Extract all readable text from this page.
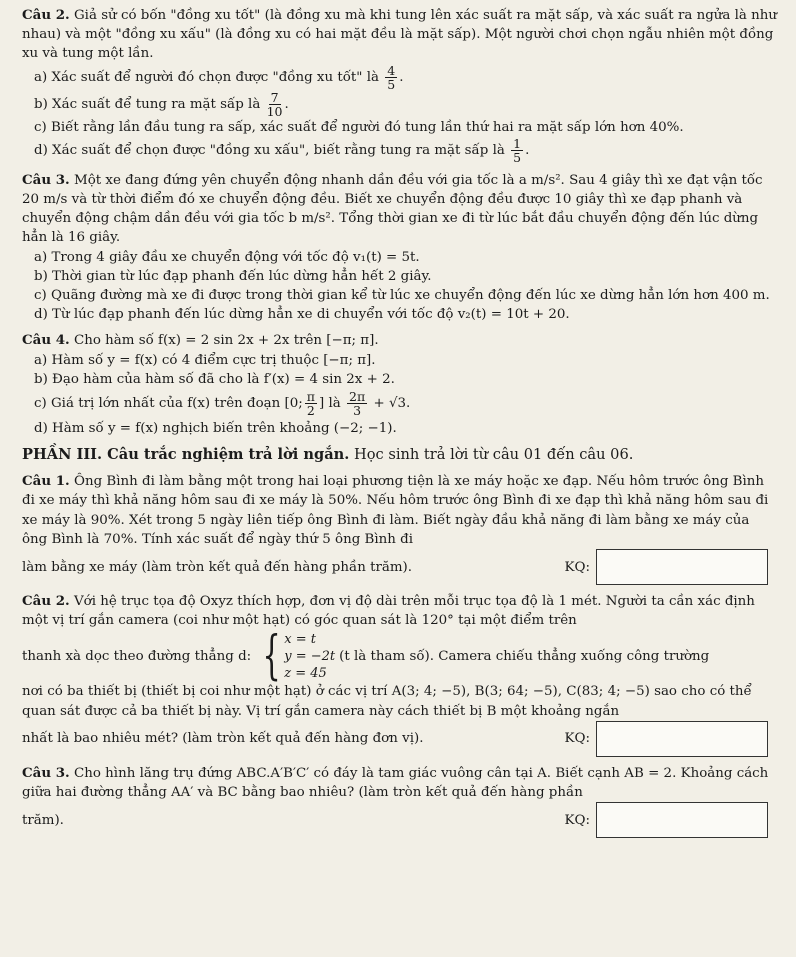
Câu 2. Giả sử có bốn "đồng xu tốt" (là đồng xu mà khi tung lên xác suất ra mặt sấp, và xác suất ra ngửa là như nhau) và một "đồng xu xấu" (là đồng xu có hai mặt đều là mặt sấp). Một người chơi chọn ngẫu nhiên một đồng xu và tung một lần.

a) Xác suất để người đó chọn được "đồng xu tốt" là $\frac{4}{5}$ .

b) Xác suất để tung ra mặt sấp là $\frac{7}{10}$ .

c) Biết rằng lần đầu tung ra sấp, xác suất để người đó tung lần thứ hai ra mặt sấp lớn hơn 40%.

d) Xác suất để chọn được "đồng xu xấu", biết rằng tung ra mặt sấp là $\frac{1}{5}$ .

Câu 3. Một xe đang đứng yên chuyển động nhanh dần đều với gia tốc là a m/s². Sau 4 giây thì xe đạt vận tốc 20 m/s và từ thời điểm đó xe chuyển động đều. Biết xe chuyển động đều được 10 giây thì xe đạp phanh và chuyển động chậm dần đều với gia tốc b m/s². Tổng thời gian xe đi từ lúc bắt đầu chuyển động đến lúc dừng hẳn là 16 giây.

a) Trong 4 giây đầu xe chuyển động với tốc độ v₁(t) = 5t.

b) Thời gian từ lúc đạp phanh đến lúc dừng hẳn hết 2 giây.

c) Quãng đường mà xe đi được trong thời gian kể từ lúc xe chuyển động đến lúc xe dừng hẳn lớn hơn 400 m.

d) Từ lúc đạp phanh đến lúc dừng hẳn xe di chuyển với tốc độ v₂(t) = 10t + 20.

Câu 4. Cho hàm số f(x) = 2 sin 2x + 2x trên [−π; π].

a) Hàm số y = f(x) có 4 điểm cực trị thuộc [−π; π].

b) Đạo hàm của hàm số đã cho là f′(x) = 4 sin 2x + 2.

c) Giá trị lớn nhất của f(x) trên đoạn [0; $\frac{\pi}{2}$ ] là $\frac{2\pi}{3} + √3$.

d) Hàm số y = f(x) nghịch biến trên khoảng (−2; −1).

PHẦN III. Câu trắc nghiệm trả lời ngắn. Học sinh trả lời từ câu 01 đến câu 06.

Câu 1. Ông Bình đi làm bằng một trong hai loại phương tiện là xe máy hoặc xe đạp. Nếu hôm trước ông Bình đi xe máy thì khả năng hôm sau đi xe máy là 50%. Nếu hôm trước ông Bình đi xe đạp thì khả năng hôm sau đi xe máy là 90%. Xét trong 5 ngày liên tiếp ông Bình đi làm. Biết ngày đầu khả năng đi làm bằng xe máy của ông Bình là 70%. Tính xác suất để ngày thứ 5 ông Bình đi

làm bằng xe máy (làm tròn kết quả đến hàng phần trăm).	KQ:

Câu 2. Với hệ trục tọa độ Oxyz thích hợp, đơn vị độ dài trên mỗi trục tọa độ là 1 mét. Người ta cần xác định một vị trí gắn camera (coi như một hạt) có góc quan sát là 120° tại một điểm trên

thanh xà dọc theo đường thẳng d: { x = t
y = −2t
z = 45
(t là tham số). Camera chiếu thẳng xuống công trường

nơi có ba thiết bị (thiết bị coi như một hạt) ở các vị trí A(3; 4; −5), B(3; 64; −5), C(83; 4; −5) sao cho có thể quan sát được cả ba thiết bị này. Vị trí gắn camera này cách thiết bị B một khoảng ngắn

nhất là bao nhiêu mét? (làm tròn kết quả đến hàng đơn vị).	KQ:

Câu 3. Cho hình lăng trụ đứng ABC.A′B′C′ có đáy là tam giác vuông cân tại A. Biết cạnh AB = 2. Khoảng cách giữa hai đường thẳng AA′ và BC bằng bao nhiêu? (làm tròn kết quả đến hàng phần

trăm).	KQ:
